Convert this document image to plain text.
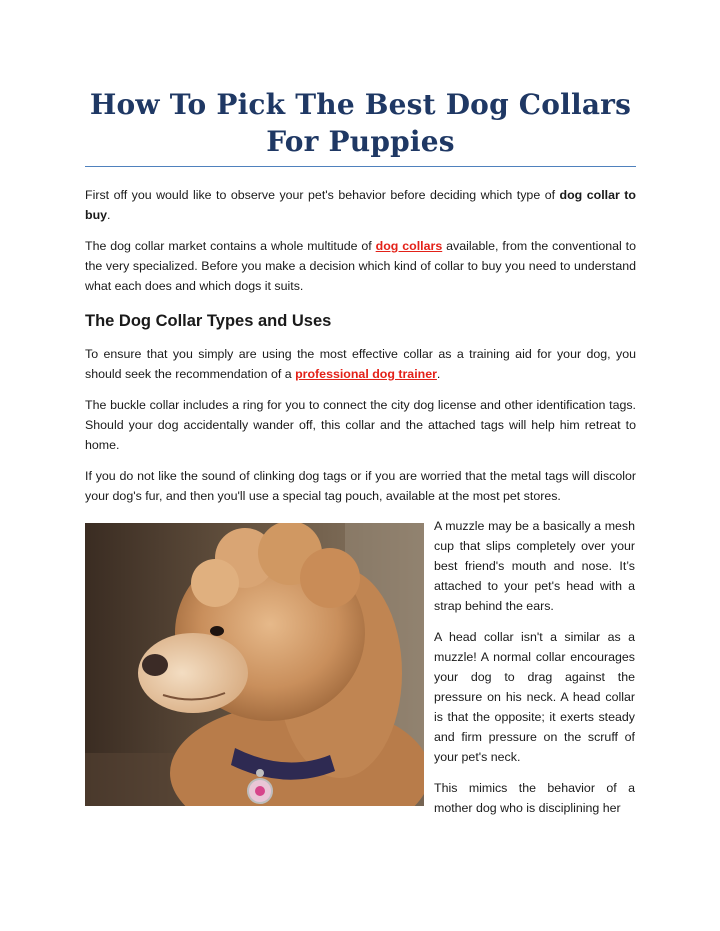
How To Pick The Best Dog Collars For Puppies

First off you would like to observe your pet's behavior before deciding which type of dog collar to buy.

The dog collar market contains a whole multitude of dog collars available, from the conventional to the very specialized. Before you make a decision which kind of collar to buy you need to understand what each does and which dogs it suits.

The Dog Collar Types and Uses

To ensure that you simply are using the most effective collar as a training aid for your dog, you should seek the recommendation of a professional dog trainer.

The buckle collar includes a ring for you to connect the city dog license and other identification tags. Should your dog accidentally wander off, this collar and the attached tags will help him retreat to home.

If you do not like the sound of clinking dog tags or if you are worried that the metal tags will discolor your dog's fur, and then you'll use a special tag pouch, available at the most pet stores.

A muzzle may be a basically a mesh cup that slips completely over your best friend's mouth and nose. It’s attached to your pet's head with a strap behind the ears.

A head collar isn't a similar as a muzzle! A normal collar encourages your dog to drag against the pressure on his neck. A head collar is that the opposite; it exerts steady and firm pressure on the scruff of your pet's neck.

This mimics the behavior of a mother dog who is disciplining her
